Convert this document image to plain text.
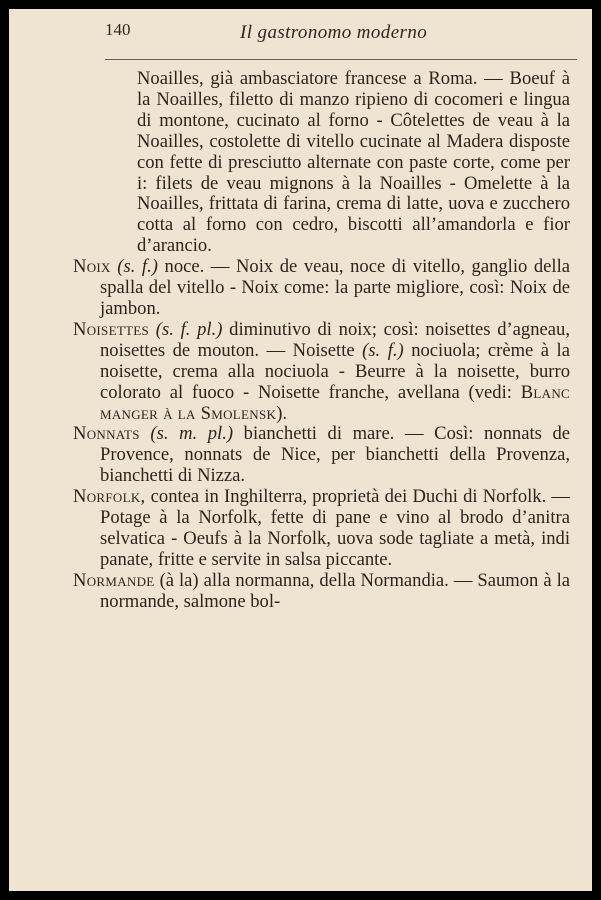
140	Il gastronomo moderno

Noailles, già ambasciatore francese a Roma. — Boeuf à la Noailles, filetto di manzo ripieno di cocomeri e lingua di montone, cucinato al forno - Côtelettes de veau à la Noailles, costolette di vitello cucinate al Madera disposte con fette di presciutto alternate con paste corte, come per i: filets de veau mignons à la Noailles - Omelette à la Noailles, frittata di farina, crema di latte, uova e zucchero cotta al forno con cedro, biscotti all’amandorla e fior d’arancio.

Noix (s. f.) noce. — Noix de veau, noce di vitello, ganglio della spalla del vitello - Noix come: la parte migliore, così: Noix de jambon.

Noisettes (s. f. pl.) diminutivo di noix; così: noisettes d’agneau, noisettes de mouton. — Noisette (s. f.) nociuola; crème à la noisette, crema alla nociuola - Beurre à la noisette, burro colorato al fuoco - Noisette franche, avellana (vedi: Blanc manger à la Smolensk).

Nonnats (s. m. pl.) bianchetti di mare. — Così: nonnats de Provence, nonnats de Nice, per bianchetti della Provenza, bianchetti di Nizza.

Norfolk, contea in Inghilterra, proprietà dei Duchi di Norfolk. — Potage à la Norfolk, fette di pane e vino al brodo d’anitra selvatica - Oeufs à la Norfolk, uova sode tagliate a metà, indi panate, fritte e servite in salsa piccante.

Normande (à la) alla normanna, della Normandia. — Saumon à la normande, salmone bol-
